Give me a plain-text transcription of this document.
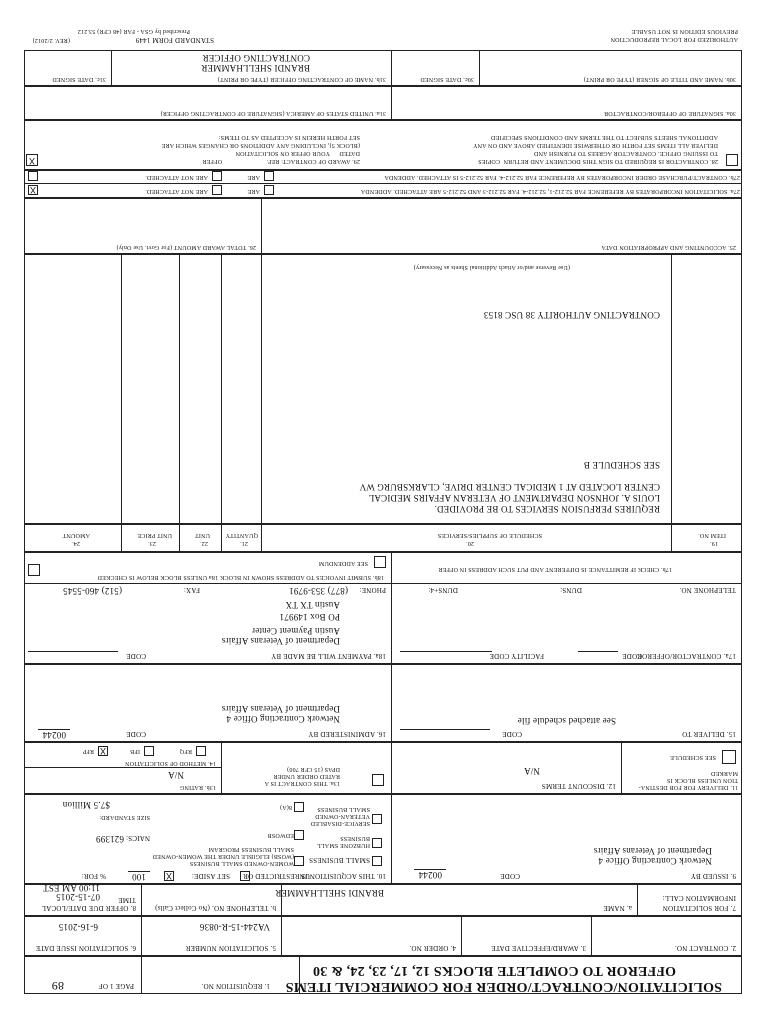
SOLICITATION/CONTRACT/ORDER FOR COMMERCIAL ITEMS
OFFEROR TO COMPLETE BLOCKS 12, 17, 23, 24, & 30
1. REQUISITION NO.
PAGE 1 OF
89
2. CONTRACT NO.
3. AWARD/EFFECTIVE DATE
4. ORDER NO.
5. SOLICITATION NUMBER
VA244-15-R-0836
6. SOLICITATION ISSUE DATE
6-16-2015
7. FOR SOLICITATION
INFORMATION CALL:
a. NAME
BRANDI SHELLHAMMER
b. TELEPHONE NO. (No Collect Calls)
8. OFFER DUE DATE/LOCAL
TIME
07-15-2015
11:00 AM EST
9. ISSUED BY
CODE
00244
Network Contracting Office 4
Department of Veterans Affairs
10. THIS ACQUISITION IS
UNRESTRICTED OR
X	SET ASIDE:
100
% FOR:
SMALL BUSINESS
WOMEN-OWNED SMALL BUSINESS
(WOSB) ELIGIBLE UNDER THE WOMEN-OWNED
SMALL BUSINESS PROGRAM
HUBZONE SMALL
BUSINESS
EDWOSB
NAICS:
621399
SERVICE-DISABLED
VETERAN-OWNED
SMALL BUSINESS
8(A)
SIZE STANDARD:
$7.5 Million
11. DELIVERY FOR FOB DESTINA-
TION UNLESS BLOCK IS
MARKED
SEE SCHEDULE
12. DISCOUNT TERMS
N/A
13a. THIS CONTRACT IS A
RATED ORDER UNDER
DPAS (15 CFR 700)
13b. RATING
N/A
14. METHOD OF SOLICITATION
RFQ
IFB
X
RFP
15. DELIVER TO
CODE
See attached schedule file
16. ADMINISTERED BY
CODE
00244
Network Contracting Office 4
Department of Veterans Affairs
17a. CONTRACTOR/OFFEROR
CODE
FACILITY CODE
18a. PAYMENT WILL BE MADE BY
CODE
Department of Veterans Affairs
Austin Payment Center
PO Box 149971
Austin TX TX
PHONE:
(877) 353-9791
FAX:
(512) 460-5545	TELEPHONE NO.
DUNS:
DUNS+4:
17b. CHECK IF REMITTANCE IS DIFFERENT AND PUT SUCH ADDRESS IN OFFER
18b. SUBMIT INVOICES TO ADDRESS SHOWN IN BLOCK 18a UNLESS BLOCK BELOW IS CHECKED
SEE ADDENDUM
19.
ITEM NO.
20.
SCHEDULE OF SUPPLIES/SERVICES
21.
QUANTITY
22.
UNIT
23.
UNIT PRICE
24.
AMOUNT
REQUIRES PERFUSION SERVICES TO BE PROVIDED.
LOUIS A. JOHNSON DEPARTMENT OF VETERAN AFFAIRS MEDICAL
CENTER LOCATED AT 1 MEDICAL CENTER DRIVE, CLARKSBURG WV
SEE SCHEDULE B
CONTRACTING AUTHORITY 38 USC 8153
(Use Reverse and/or Attach Additional Sheets as Necessary)
25. ACCOUNTING AND APPROPRIATION DATA
26. TOTAL AWARD AMOUNT (For Govt. Use Only)
27a. SOLICITATION INCORPORATES BY REFERENCE FAR 52.212-1, 52.212-4. FAR 52.212-3 AND 52.212-5 ARE ATTACHED. ADDENDA
27b. CONTRACT/PURCHASE ORDER INCORPORATES BY REFERENCE FAR 52.212-4. FAR 52.212-5 IS ATTACHED. ADDENDA
ARE
ARE NOT ATTACHED.
ARE
ARE NOT ATTACHED.
X
28. CONTRACTOR IS REQUIRED TO SIGN THIS DOCUMENT AND RETURN
COPIES
TO ISSUING OFFICE. CONTRACTOR AGREES TO FURNISH AND
DELIVER ALL ITEMS SET FORTH OR OTHERWISE IDENTIFIED ABOVE AND ON ANY
ADDITIONAL SHEETS SUBJECT TO THE TERMS AND CONDITIONS SPECIFIED
X	29. AWARD OF CONTRACT: REF.
OFFER
DATED
YOUR OFFER ON SOLICITATION
(BLOCK 5), INCLUDING ANY ADDITIONS OR CHANGES WHICH ARE
SET FORTH HEREIN IS ACCEPTED AS TO ITEMS:
30a. SIGNATURE OF OFFEROR/CONTRACTOR
31a. UNITED STATES OF AMERICA (SIGNATURE OF CONTRACTING OFFICER)
30b. NAME AND TITLE OF SIGNER (TYPE OR PRINT)
30c. DATE SIGNED
31b. NAME OF CONTRACTING OFFICER (TYPE OR PRINT)
BRANDI SHELLHAMMER
CONTRACTING OFFICER
31c. DATE SIGNED
AUTHORIZED FOR LOCAL REPRODUCTION
PREVIOUS EDITION IS NOT USABLE
STANDARD FORM 1449
(REV. 2/2012)
Prescribed by GSA - FAR (48 CFR) 53.212
